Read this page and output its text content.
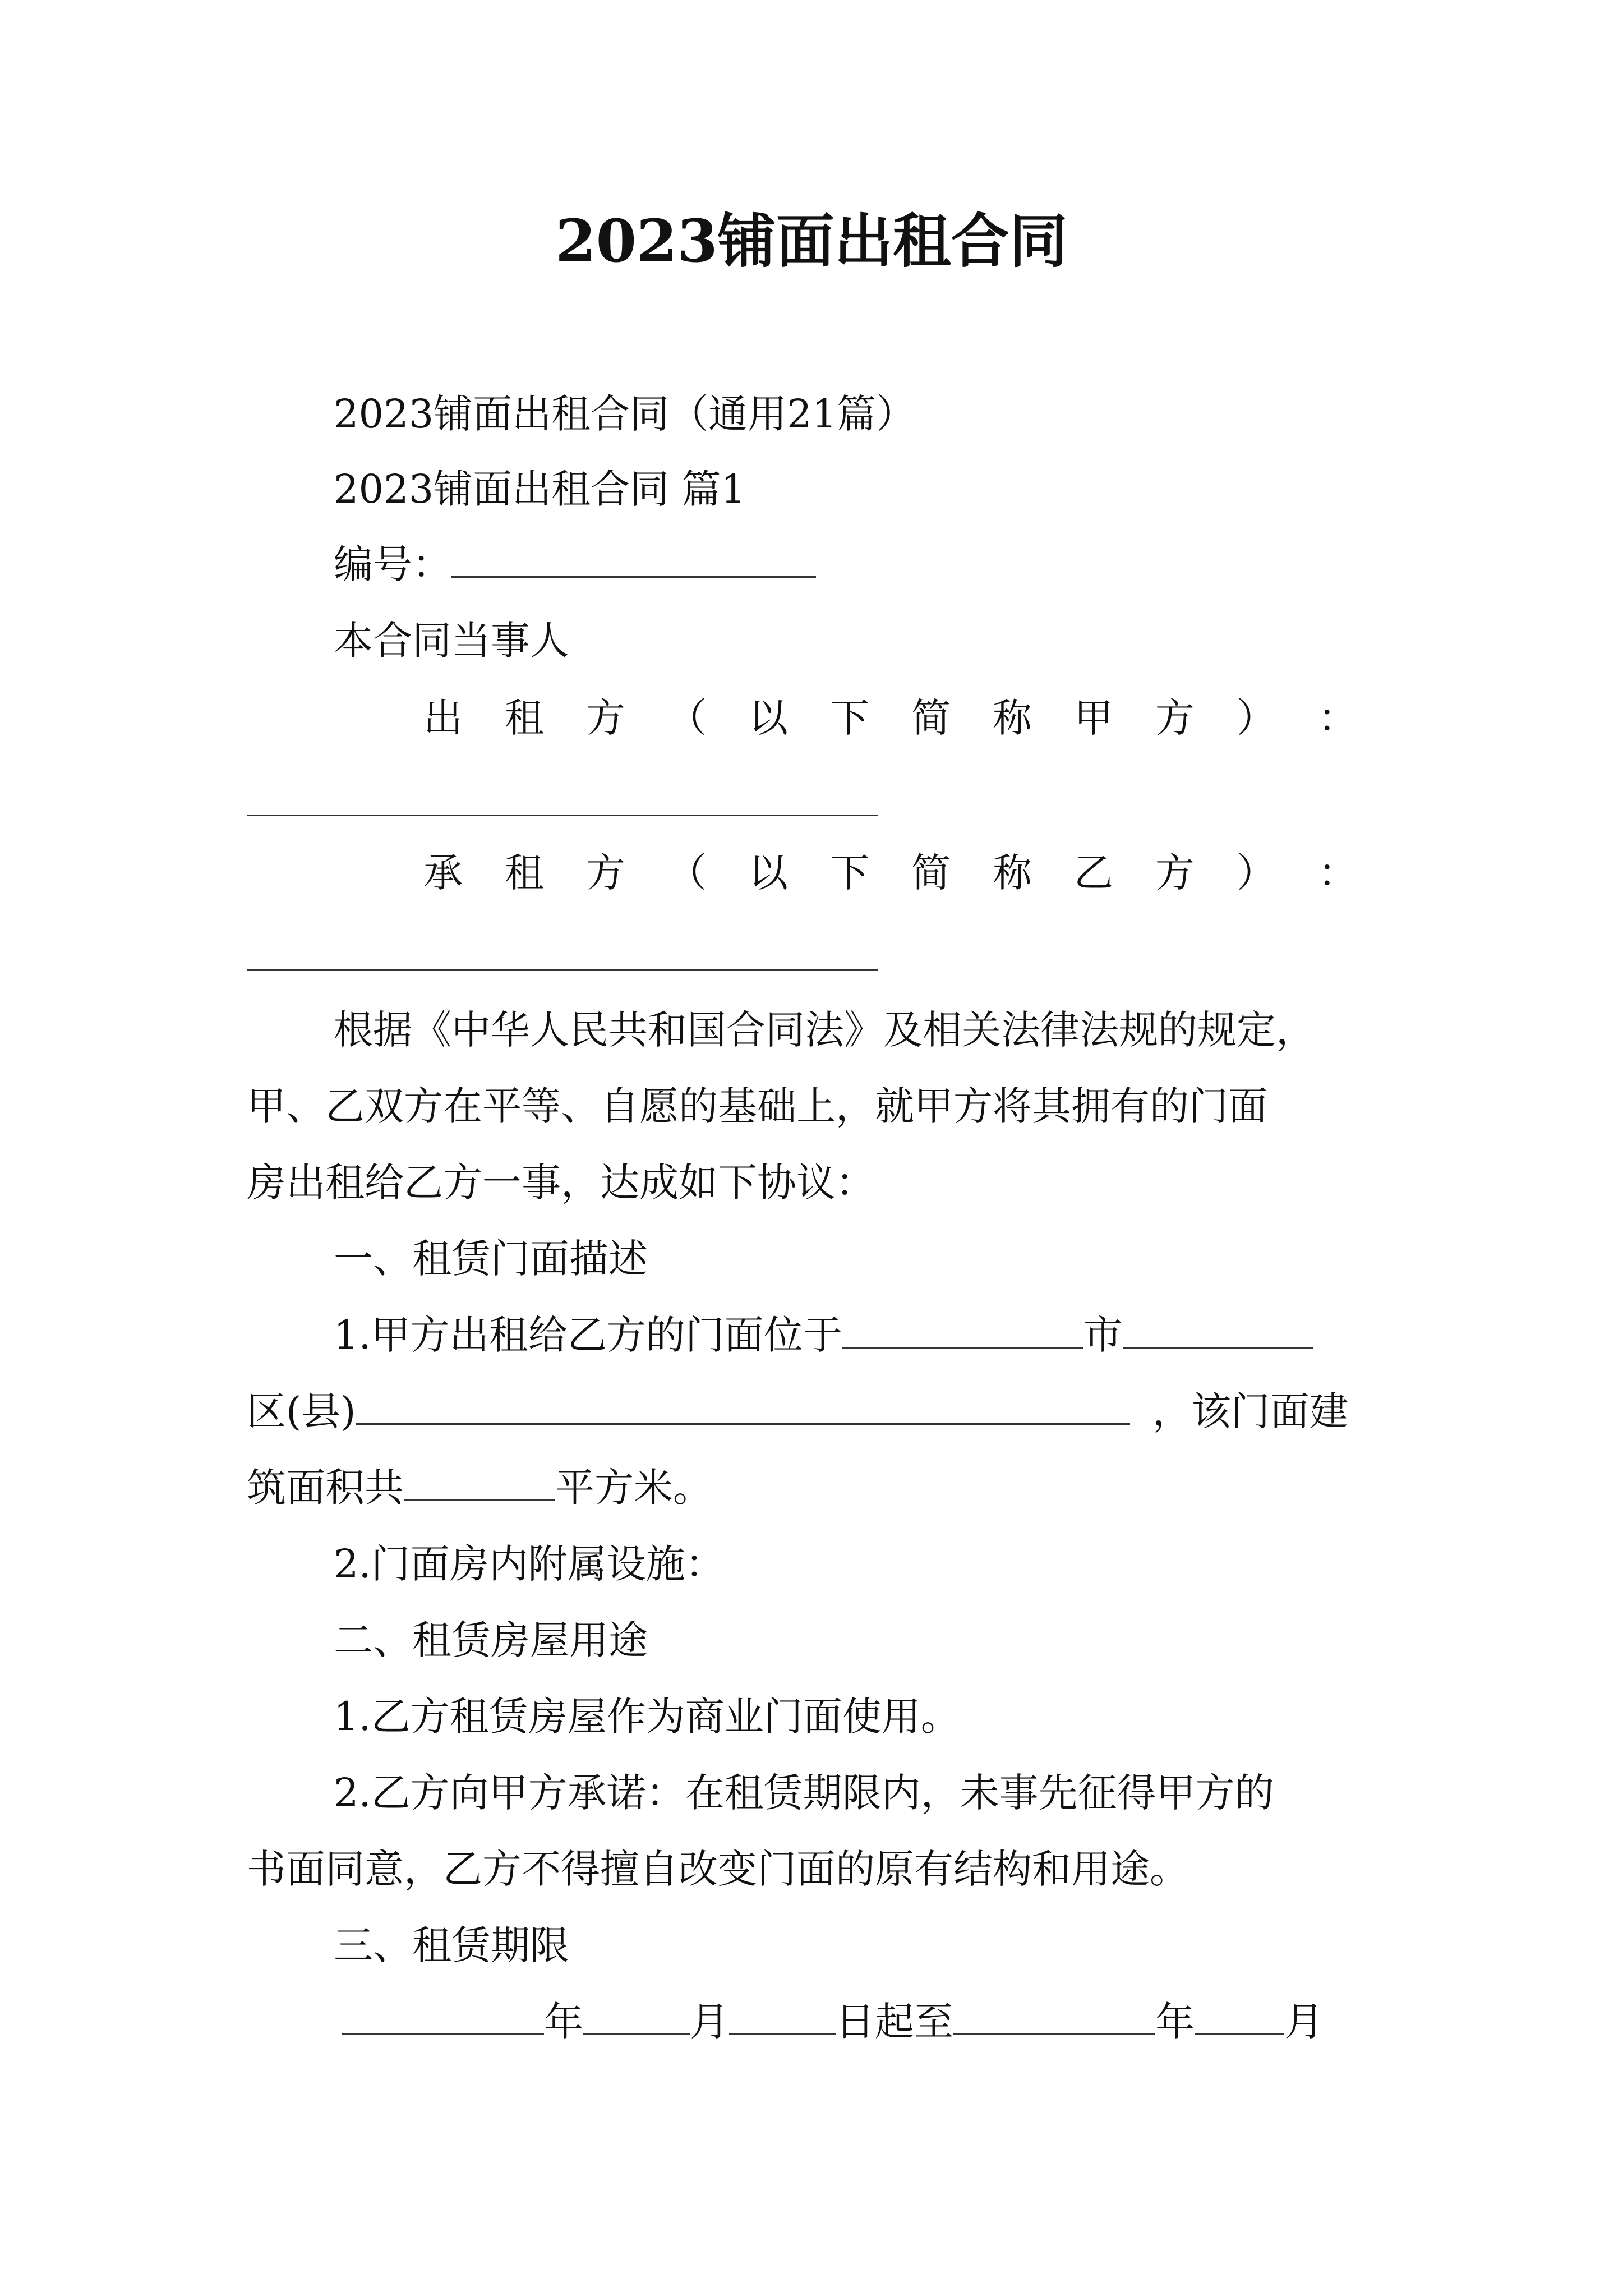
2023铺面出租合同

2023铺面出租合同（通用21篇）

2023铺面出租合同 篇1

编号：

本合同当事人

出 租 方 （ 以 下 简 称 甲 方 ） ：
承 租 方 （ 以 下 简 称 乙 方 ） ：

根据《中华人民共和国合同法》及相关法律法规的规定，

甲、乙双方在平等、自愿的基础上，就甲方将其拥有的门面

房出租给乙方一事，达成如下协议：

一、租赁门面描述

1.甲方出租给乙方的门面位于	市

区(县)	，该门面建

筑面积共	平方米。

2.门面房内附属设施：

二、租赁房屋用途

1.乙方租赁房屋作为商业门面使用。

2.乙方向甲方承诺：在租赁期限内，未事先征得甲方的

书面同意，乙方不得擅自改变门面的原有结构和用途。

三、租赁期限

年	月	日起至	年 月
